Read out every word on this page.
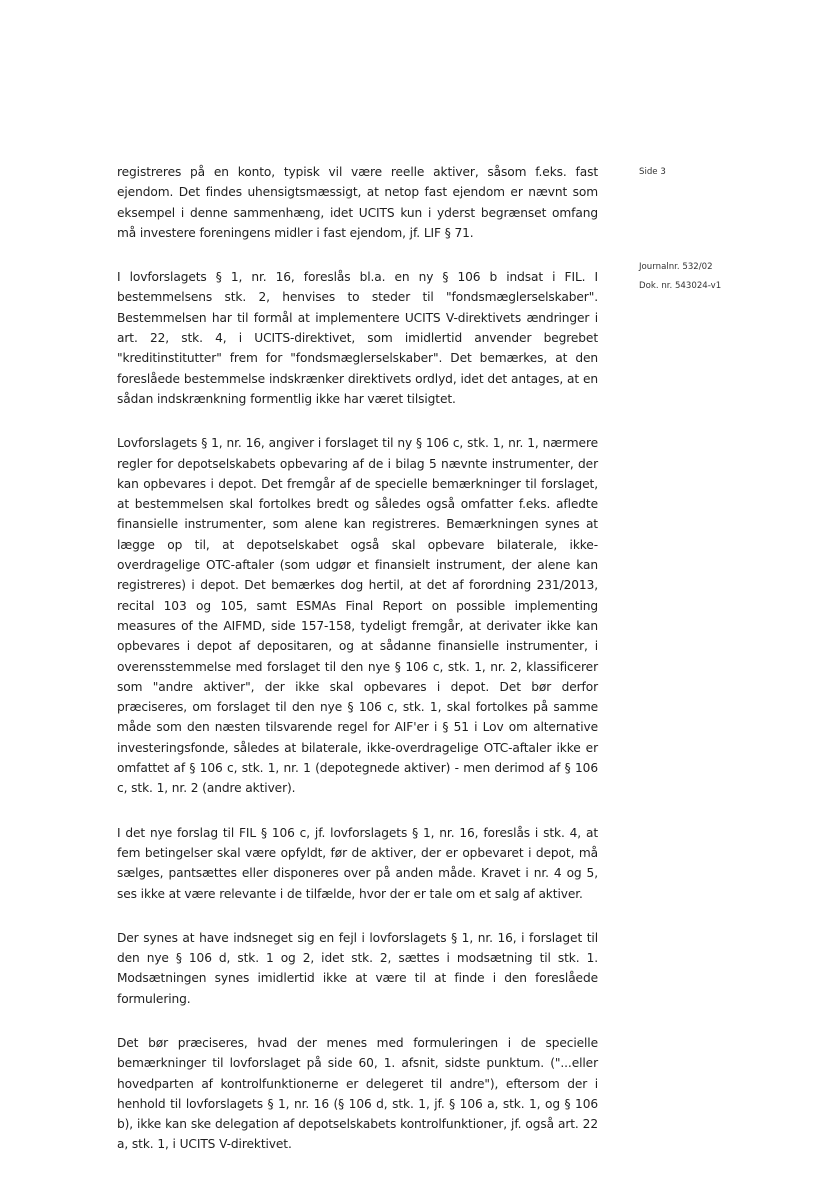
Side 3
Journalnr. 532/02
Dok. nr. 543024-v1

registreres på en konto, typisk vil være reelle aktiver, såsom f.eks. fast ejendom. Det findes uhensigtsmæssigt, at netop fast ejendom er nævnt som eksempel i denne sammenhæng, idet UCITS kun i yderst begrænset omfang må investere foreningens midler i fast ejendom, jf. LIF § 71.

I lovforslagets § 1, nr. 16, foreslås bl.a. en ny § 106 b indsat i FIL. I bestemmelsens stk. 2, henvises to steder til "fondsmæglerselskaber". Bestemmelsen har til formål at implementere UCITS V-direktivets ændringer i art. 22, stk. 4, i UCITS-direktivet, som imidlertid anvender begrebet "kreditinstitutter" frem for "fondsmæglerselskaber". Det bemærkes, at den foreslåede bestemmelse indskrænker direktivets ordlyd, idet det antages, at en sådan indskrænkning formentlig ikke har været tilsigtet.

Lovforslagets § 1, nr. 16, angiver i forslaget til ny § 106 c, stk. 1, nr. 1, nærmere regler for depotselskabets opbevaring af de i bilag 5 nævnte instrumenter, der kan opbevares i depot. Det fremgår af de specielle bemærkninger til forslaget, at bestemmelsen skal fortolkes bredt og således også omfatter f.eks. afledte finansielle instrumenter, som alene kan registreres. Bemærkningen synes at lægge op til, at depotselskabet også skal opbevare bilaterale, ikke-overdragelige OTC-aftaler (som udgør et finansielt instrument, der alene kan registreres) i depot. Det bemærkes dog hertil, at det af forordning 231/2013, recital 103 og 105, samt ESMAs Final Report on possible implementing measures of the AIFMD, side 157-158, tydeligt fremgår, at derivater ikke kan opbevares i depot af depositaren, og at sådanne finansielle instrumenter, i overensstemmelse med forslaget til den nye § 106 c, stk. 1, nr. 2, klassificerer som "andre aktiver", der ikke skal opbevares i depot. Det bør derfor præciseres, om forslaget til den nye § 106 c, stk. 1, skal fortolkes på samme måde som den næsten tilsvarende regel for AIF'er i § 51 i Lov om alternative investeringsfonde, således at bilaterale, ikke-overdragelige OTC-aftaler ikke er omfattet af § 106 c, stk. 1, nr. 1 (depotegnede aktiver) - men derimod af § 106 c, stk. 1, nr. 2 (andre aktiver).

I det nye forslag til FIL § 106 c, jf. lovforslagets § 1, nr. 16, foreslås i stk. 4, at fem betingelser skal være opfyldt, før de aktiver, der er opbevaret i depot, må sælges, pantsættes eller disponeres over på anden måde. Kravet i nr. 4 og 5, ses ikke at være relevante i de tilfælde, hvor der er tale om et salg af aktiver.

Der synes at have indsneget sig en fejl i lovforslagets § 1, nr. 16, i forslaget til den nye § 106 d, stk. 1 og 2, idet stk. 2, sættes i modsætning til stk. 1. Modsætningen synes imidlertid ikke at være til at finde i den foreslåede formulering.

Det bør præciseres, hvad der menes med formuleringen i de specielle bemærkninger til lovforslaget på side 60, 1. afsnit, sidste punktum. ("...eller hovedparten af kontrolfunktionerne er delegeret til andre"), eftersom der i henhold til lovforslagets § 1, nr. 16 (§ 106 d, stk. 1, jf. § 106 a, stk. 1, og § 106 b), ikke kan ske delegation af depotselskabets kontrolfunktioner, jf. også art. 22 a, stk. 1, i UCITS V-direktivet.
